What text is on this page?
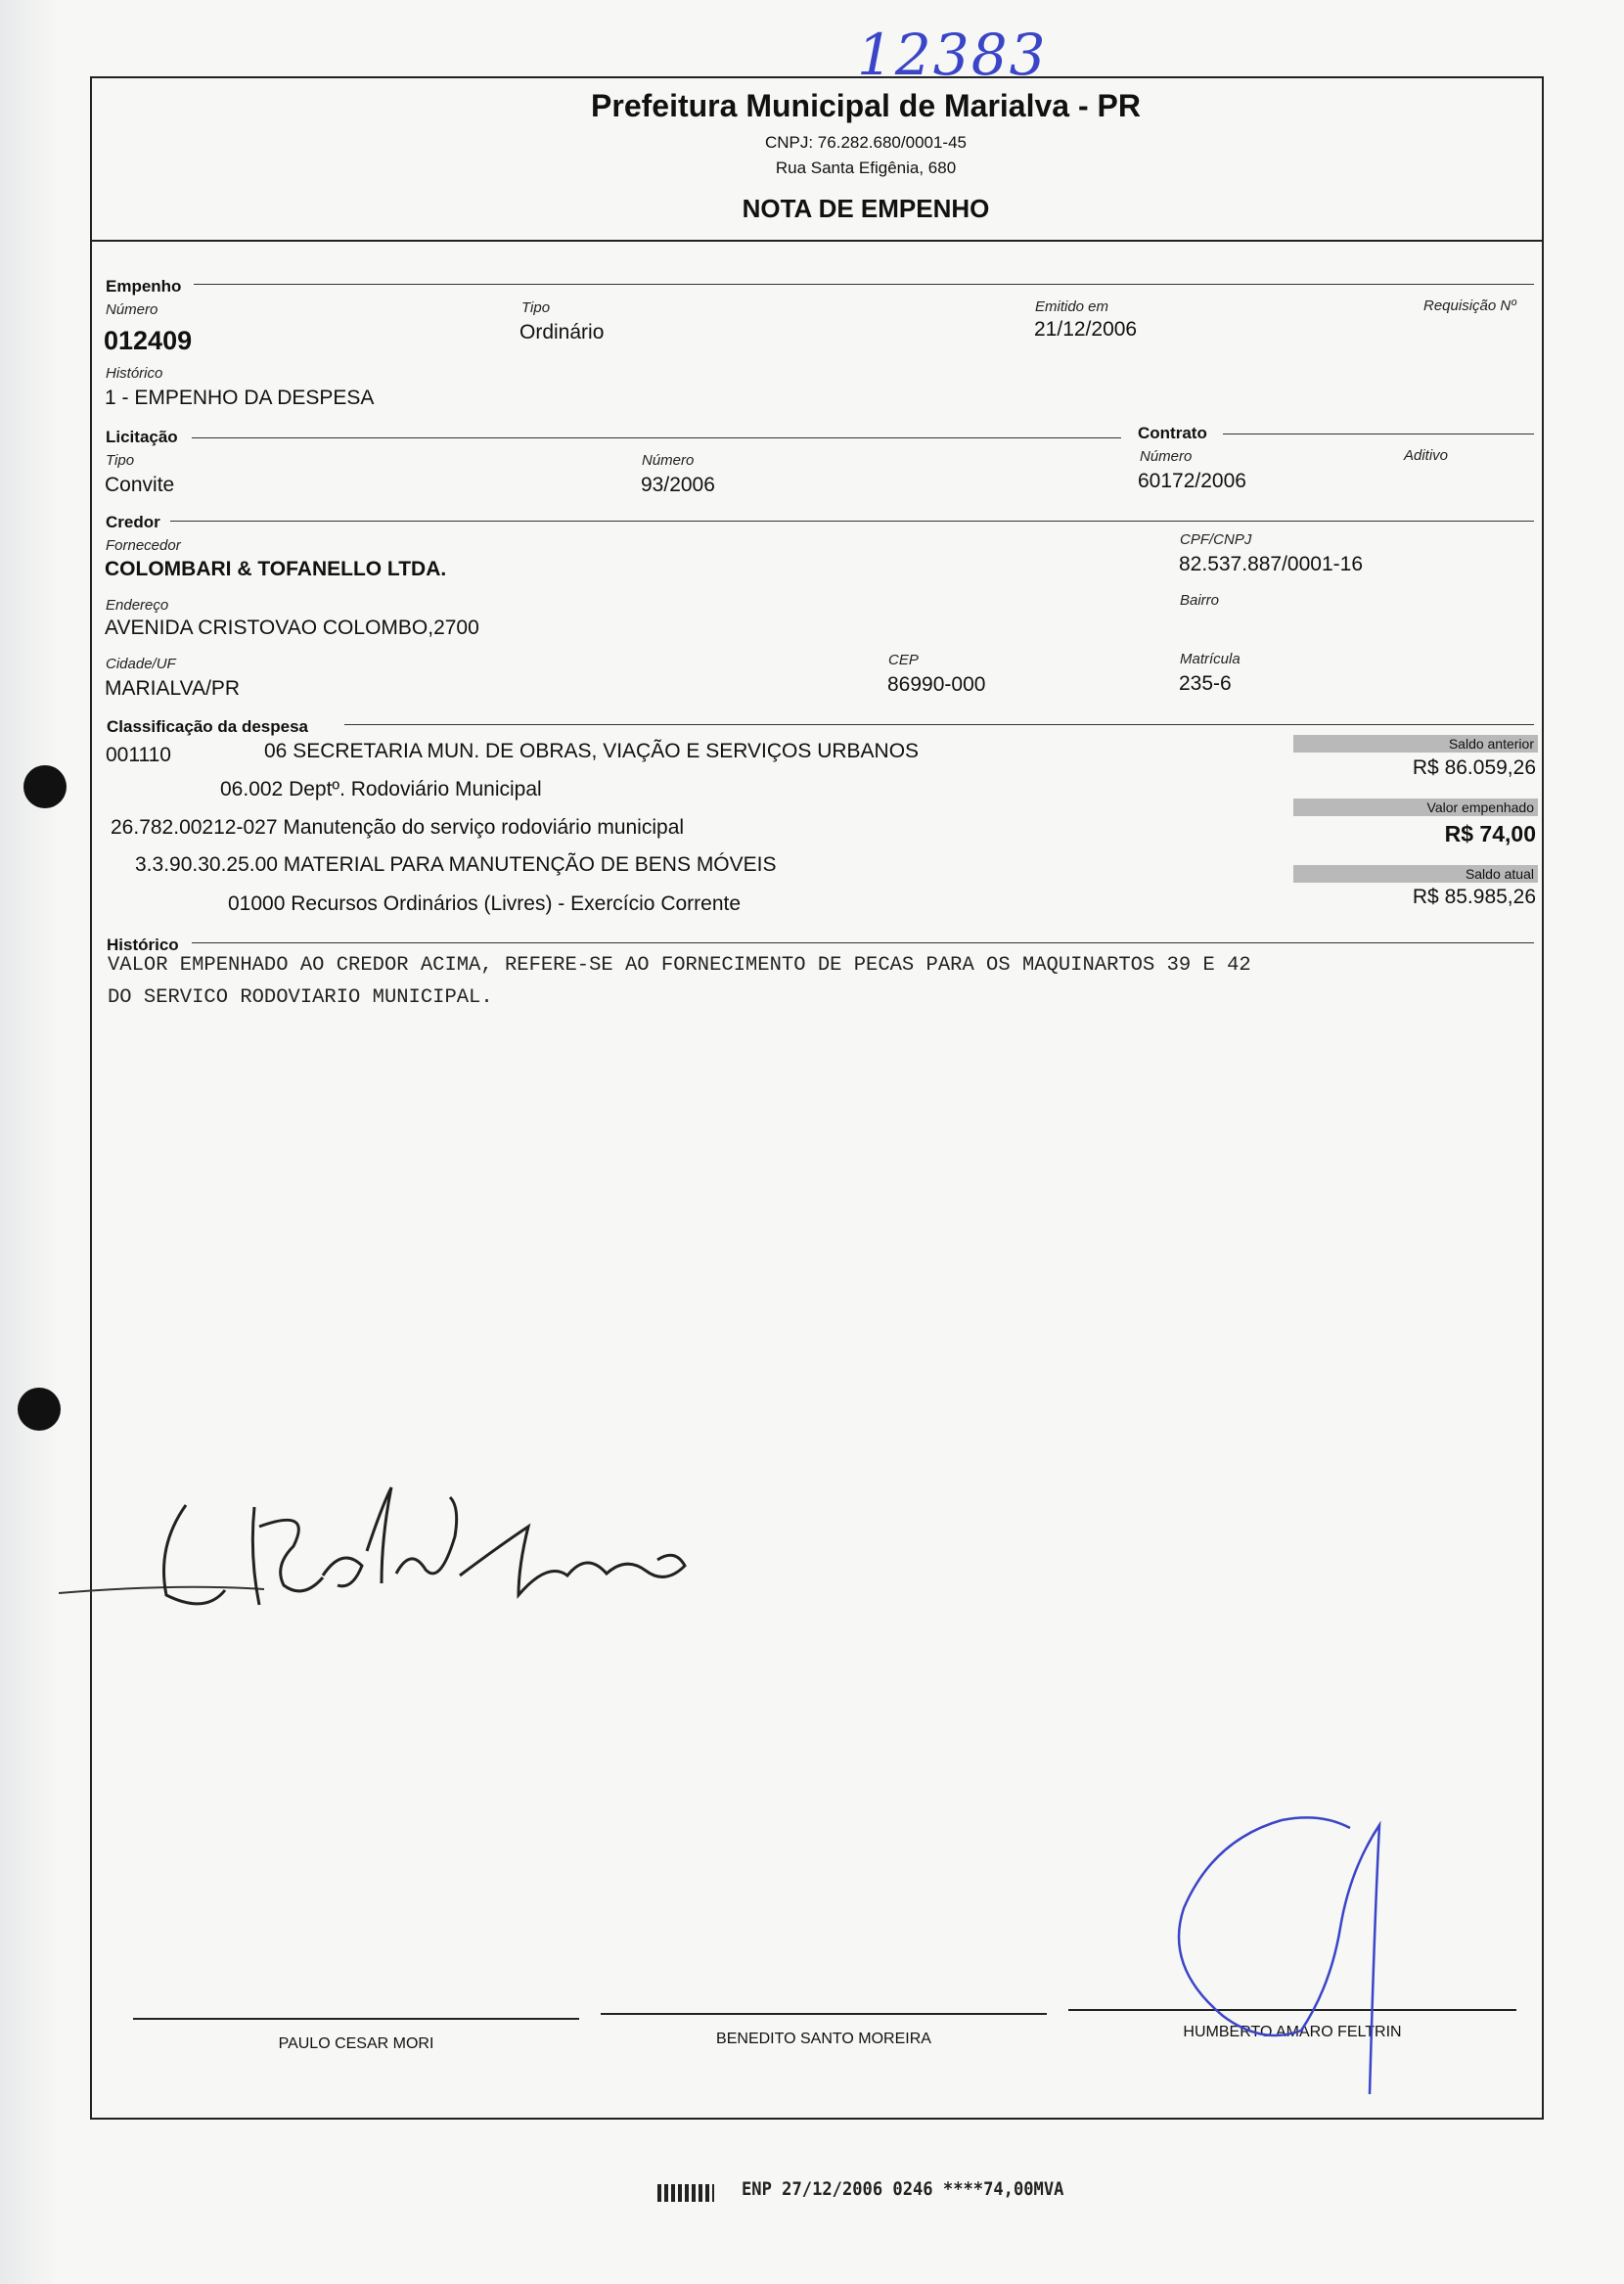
12383
Prefeitura Municipal de Marialva - PR
CNPJ: 76.282.680/0001-45
Rua Santa Efigênia, 680
NOTA DE EMPENHO
Empenho
Número
012409
Tipo
Ordinário
Emitido em
21/12/2006
Requisição Nº
Histórico
1 - EMPENHO DA DESPESA
Licitação	Contrato
Tipo
Convite
Número
93/2006
Número
60172/2006
Aditivo
Credor
Fornecedor
COLOMBARI & TOFANELLO LTDA.
CPF/CNPJ
82.537.887/0001-16
Endereço
AVENIDA CRISTOVAO COLOMBO,2700
Bairro
Cidade/UF
MARIALVA/PR
CEP
86990-000
Matrícula
235-6
Classificação da despesa
001110	06 SECRETARIA MUN. DE OBRAS, VIAÇÃO E SERVIÇOS URBANOS
06.002 Deptº. Rodoviário Municipal
26.782.00212-027 Manutenção do serviço rodoviário municipal
3.3.90.30.25.00 MATERIAL PARA MANUTENÇÃO DE BENS MÓVEIS
01000 Recursos Ordinários (Livres) - Exercício Corrente
Saldo anterior
R$ 86.059,26
Valor empenhado
R$ 74,00
Saldo atual
R$ 85.985,26
Histórico
VALOR EMPENHADO AO CREDOR ACIMA, REFERE-SE AO FORNECIMENTO DE PECAS PARA OS MAQUINARTOS 39 E 42
DO SERVICO RODOVIARIO MUNICIPAL.
PAULO CESAR MORI	BENEDITO SANTO MOREIRA	HUMBERTO AMARO FELTRIN
ENP 27/12/2006 0246 ****74,00MVA
